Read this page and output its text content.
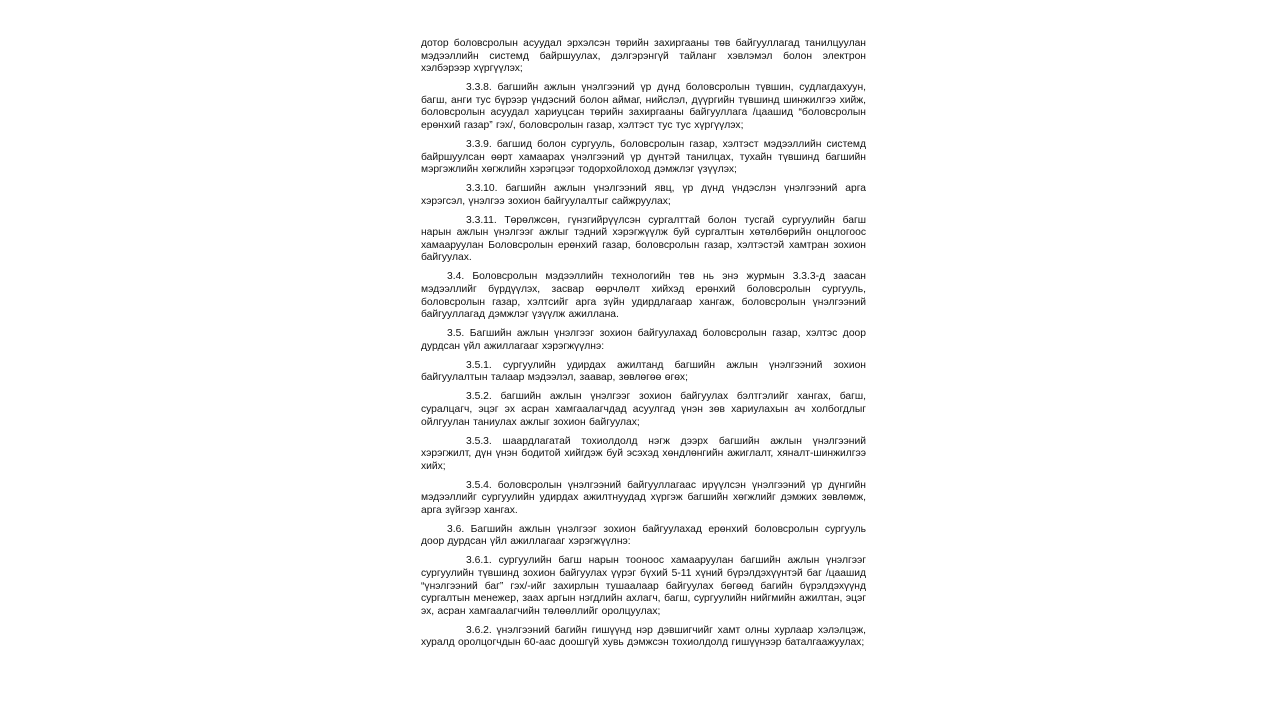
дотор боловсролын асуудал эрхэлсэн төрийн захиргааны төв байгууллагад танилцуулан мэдээллийн системд байршуулах, дэлгэрэнгүй тайланг хэвлэмэл болон электрон хэлбэрээр хүргүүлэх;

3.3.8. багшийн ажлын үнэлгээний үр дүнд боловсролын түвшин, судлагдахуун, багш, анги тус бүрээр үндэсний болон аймаг, нийслэл, дүүргийн түвшинд шинжилгээ хийж, боловсролын асуудал хариуцсан төрийн захиргааны байгууллага /цаашид “боловсролын ерөнхий газар” гэх/, боловсролын газар, хэлтэст тус тус хүргүүлэх;

3.3.9. багшид болон сургууль, боловсролын газар, хэлтэст мэдээллийн системд байршуулсан өөрт хамаарах үнэлгээний үр дүнтэй танилцах, тухайн түвшинд багшийн мэргэжлийн хөгжлийн хэрэгцээг тодорхойлоход дэмжлэг үзүүлэх;

3.3.10. багшийн ажлын үнэлгээний явц, үр дүнд үндэслэн үнэлгээний арга хэрэгсэл, үнэлгээ зохион байгуулалтыг сайжруулах;

3.3.11. Төрөлжсөн, гүнзгийрүүлсэн сургалттай болон тусгай сургуулийн багш нарын ажлын үнэлгээг ажлыг тэдний хэрэгжүүлж буй сургалтын хөтөлбөрийн онцлогоос хамааруулан Боловсролын ерөнхий газар, боловсролын газар, хэлтэстэй хамтран зохион байгуулах.

3.4. Боловсролын мэдээллийн технологийн төв нь энэ журмын 3.3.3-д заасан мэдээллийг бүрдүүлэх, засвар өөрчлөлт хийхэд ерөнхий боловсролын сургууль, боловсролын газар, хэлтсийг арга зүйн удирдлагаар хангаж, боловсролын үнэлгээний байгууллагад дэмжлэг үзүүлж ажиллана.

3.5. Багшийн ажлын үнэлгээг зохион байгуулахад боловсролын газар, хэлтэс доор дурдсан үйл ажиллагааг хэрэгжүүлнэ:

3.5.1. сургуулийн удирдах ажилтанд багшийн ажлын үнэлгээний зохион байгуулалтын талаар мэдээлэл, заавар, зөвлөгөө өгөх;

3.5.2. багшийн ажлын үнэлгээг зохион байгуулах бэлтгэлийг хангах, багш, суралцагч, эцэг эх асран хамгаалагчдад асуулгад үнэн зөв хариулахын ач холбогдлыг ойлгуулан таниулах ажлыг зохион байгуулах;

3.5.3. шаардлагатай тохиолдолд нэгж дээрх багшийн ажлын үнэлгээний хэрэгжилт, дүн үнэн бодитой хийгдэж буй эсэхэд хөндлөнгийн ажиглалт, хяналт-шинжилгээ хийх;

3.5.4. боловсролын үнэлгээний байгууллагаас ирүүлсэн үнэлгээний үр дүнгийн мэдээллийг сургуулийн удирдах ажилтнуудад хүргэж багшийн хөгжлийг дэмжих зөвлөмж, арга зүйгээр хангах.

3.6. Багшийн ажлын үнэлгээг зохион байгуулахад ерөнхий боловсролын сургууль доор дурдсан үйл ажиллагааг хэрэгжүүлнэ:

3.6.1. сургуулийн багш нарын тооноос хамааруулан багшийн ажлын үнэлгээг сургуулийн түвшинд зохион байгуулах үүрэг бүхий 5-11 хүний бүрэлдэхүүнтэй баг /цаашид “үнэлгээний баг” гэх/-ийг захирлын тушаалаар байгуулах бөгөөд багийн бүрэлдэхүүнд сургалтын менежер, заах аргын нэгдлийн ахлагч, багш, сургуулийн нийгмийн ажилтан, эцэг эх, асран хамгаалагчийн төлөөллийг оролцуулах;

3.6.2. үнэлгээний багийн гишүүнд нэр дэвшигчийг хамт олны хурлаар хэлэлцэж, хуралд оролцогчдын 60-аас доошгүй хувь дэмжсэн тохиолдолд гишүүнээр баталгаажуулах;
